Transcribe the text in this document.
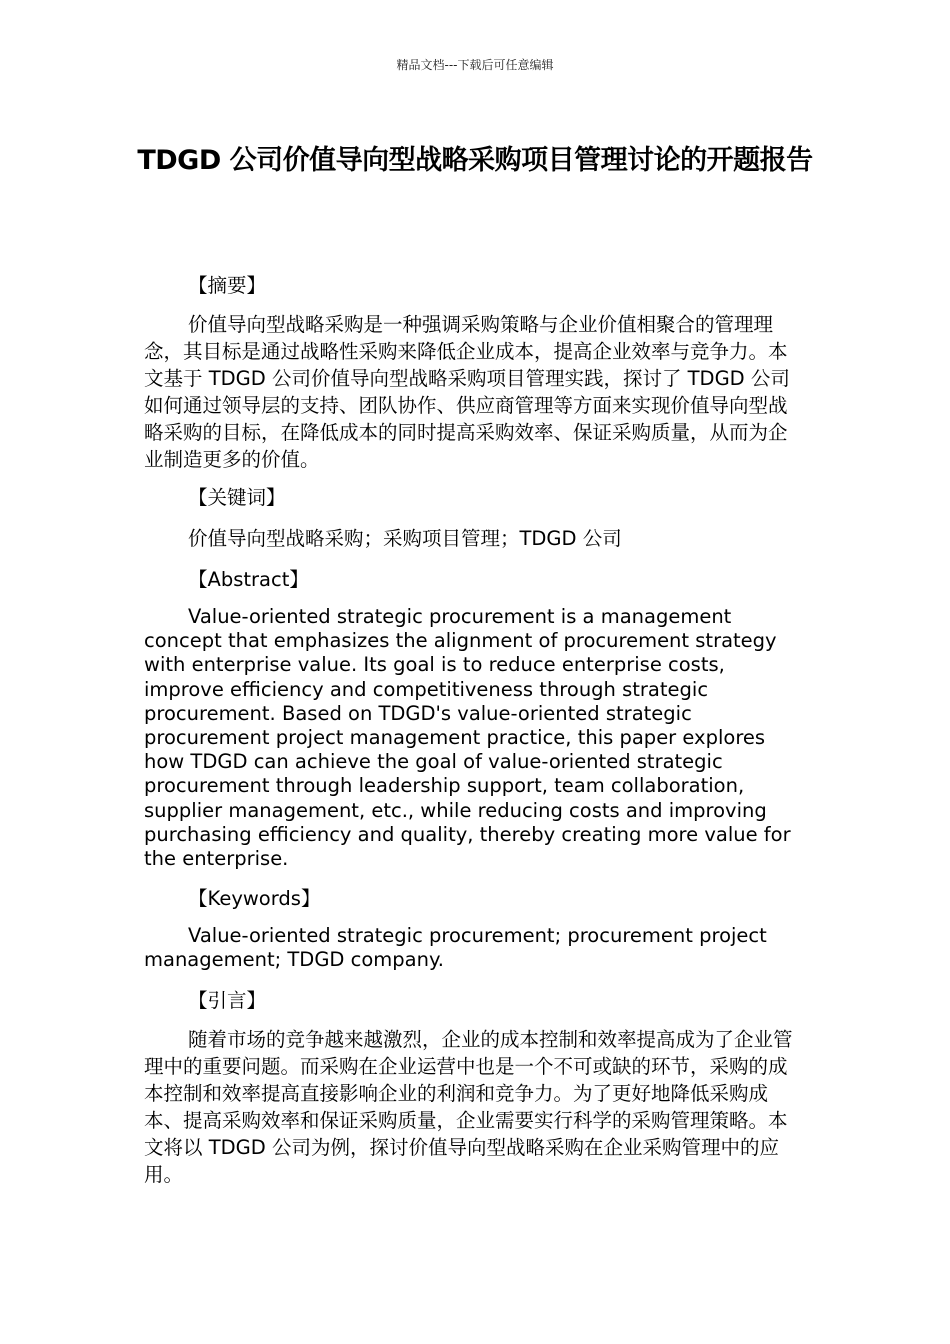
精品文档---下载后可任意编辑
TDGD 公司价值导向型战略采购项目管理讨论的开题报告

【摘要】

价值导向型战略采购是一种强调采购策略与企业价值相聚合的管理理念，其目标是通过战略性采购来降低企业成本，提高企业效率与竞争力。本文基于 TDGD 公司价值导向型战略采购项目管理实践，探讨了 TDGD 公司如何通过领导层的支持、团队协作、供应商管理等方面来实现价值导向型战略采购的目标，在降低成本的同时提高采购效率、保证采购质量，从而为企业制造更多的价值。

【关键词】

价值导向型战略采购；采购项目管理；TDGD 公司

【Abstract】

Value-oriented strategic procurement is a management concept that emphasizes the alignment of procurement strategy with enterprise value. Its goal is to reduce enterprise costs, improve efficiency and competitiveness through strategic procurement. Based on TDGD's value-oriented strategic procurement project management practice, this paper explores how TDGD can achieve the goal of value-oriented strategic procurement through leadership support, team collaboration, supplier management, etc., while reducing costs and improving purchasing efficiency and quality, thereby creating more value for the enterprise.

【Keywords】

Value-oriented strategic procurement; procurement project management; TDGD company.

【引言】

随着市场的竞争越来越激烈，企业的成本控制和效率提高成为了企业管理中的重要问题。而采购在企业运营中也是一个不可或缺的环节，采购的成本控制和效率提高直接影响企业的利润和竞争力。为了更好地降低采购成本、提高采购效率和保证采购质量，企业需要实行科学的采购管理策略。本文将以 TDGD 公司为例，探讨价值导向型战略采购在企业采购管理中的应用。
